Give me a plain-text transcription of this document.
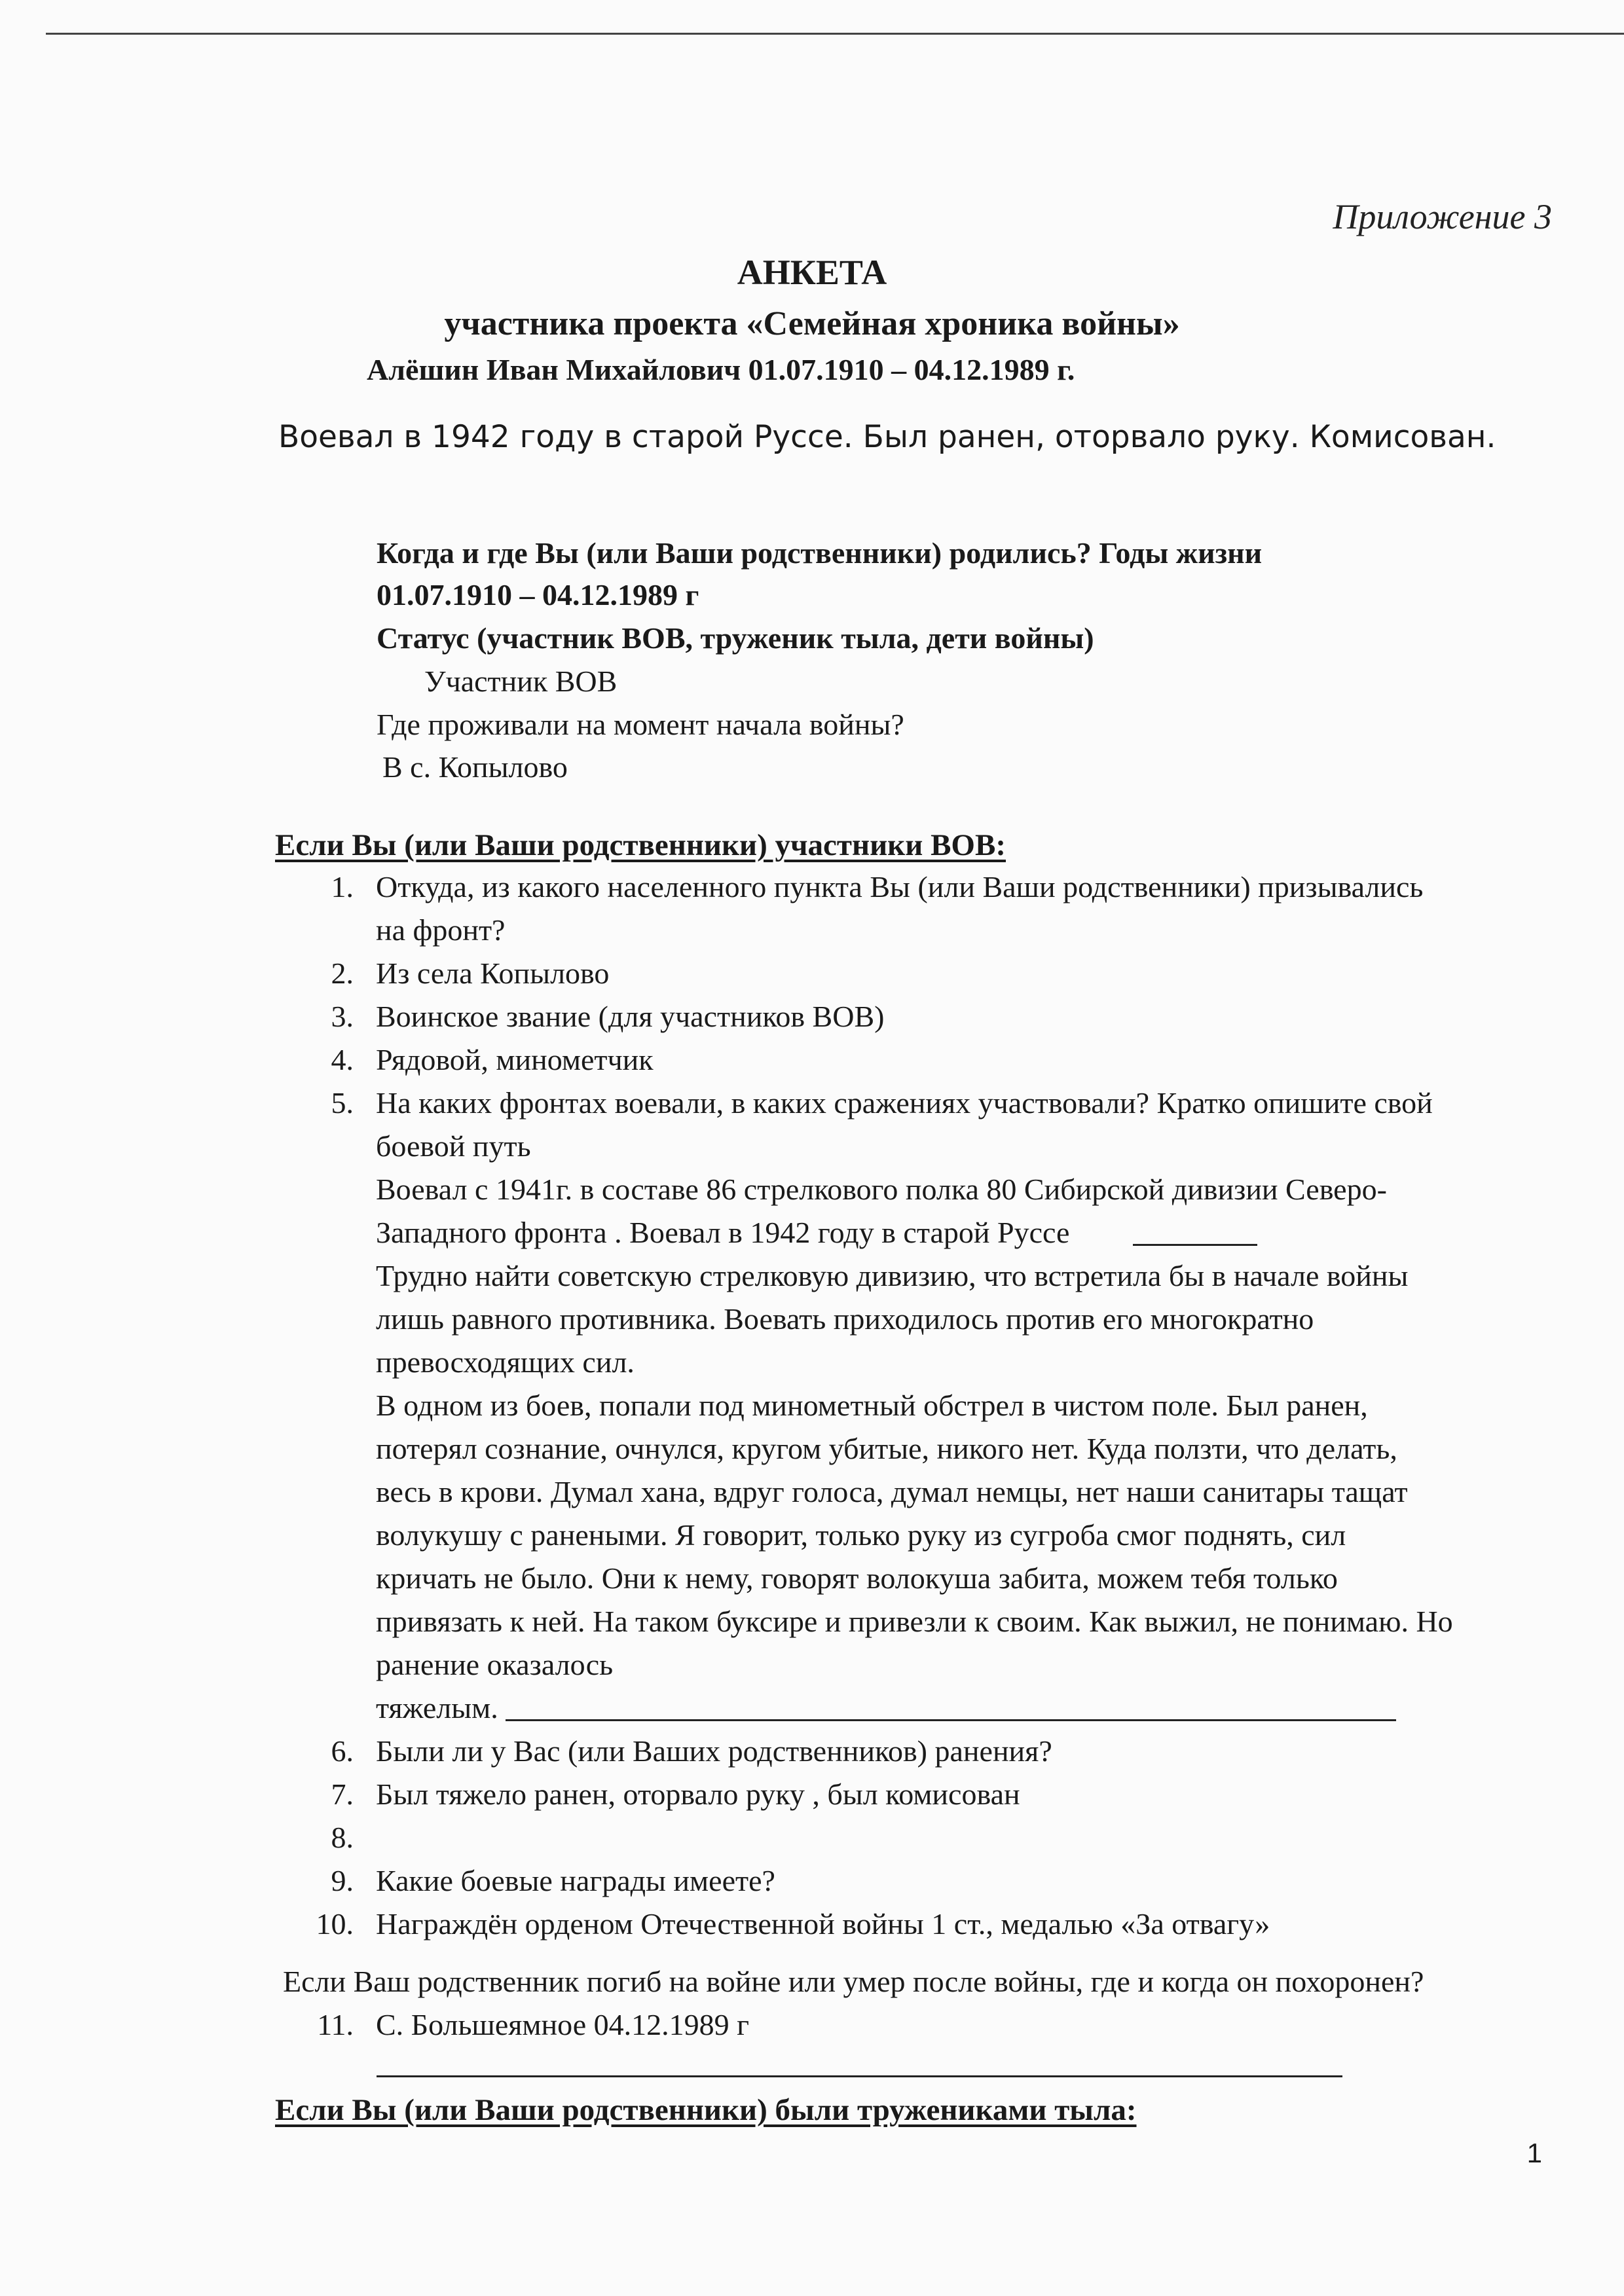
Приложение 3
АНКЕТА
участника проекта «Семейная хроника войны»
Алёшин Иван Михайлович 01.07.1910 – 04.12.1989 г.
Воевал в 1942 году в старой Руссе. Был ранен, оторвало руку. Комисован.
Когда и где Вы (или Ваши родственники) родились? Годы жизни
01.07.1910 – 04.12.1989 г
Статус (участник ВОВ, труженик тыла, дети войны)
Участник ВОВ
Где проживали на момент начала войны?
В с. Копылово
Если Вы (или Ваши родственники) участники ВОВ:
1. Откуда, из какого населенного пункта Вы (или Ваши родственники) призывались
на фронт?
2. Из села Копылово
3. Воинское звание (для участников ВОВ)
4. Рядовой, минометчик
5. На каких фронтах воевали, в каких сражениях участвовали? Кратко опишите свой
боевой путь
Воевал с 1941г. в составе 86 стрелкового полка 80 Сибирской дивизии Северо-
Западного фронта . Воевал в 1942 году в старой Руссе
Трудно найти советскую стрелковую дивизию, что встретила бы в начале войны
лишь равного противника. Воевать приходилось против его многократно
превосходящих сил.
В одном из боев, попали под минометный обстрел в чистом поле. Был ранен,
потерял сознание, очнулся, кругом убитые, никого нет. Куда ползти, что делать,
весь в крови. Думал хана, вдруг голоса, думал немцы, нет наши санитары тащат
волукушу с ранеными. Я говорит, только руку из сугроба смог поднять, сил
кричать не было. Они к нему, говорят волокуша забита, можем тебя только
привязать к ней. На таком буксире и привезли к своим. Как выжил, не понимаю. Но
ранение оказалось
тяжелым.
6. Были ли у Вас (или Ваших родственников) ранения?
7. Был тяжело ранен, оторвало руку , был комисован
8.
9. Какие боевые награды имеете?
10. Награждён орденом Отечественной войны 1 ст., медалью «За отвагу»
Если Ваш родственник погиб на войне или умер после войны, где и когда он похоронен?
11. С. Большеямное 04.12.1989 г
Если Вы (или Ваши родственники) были тружениками тыла:
1
